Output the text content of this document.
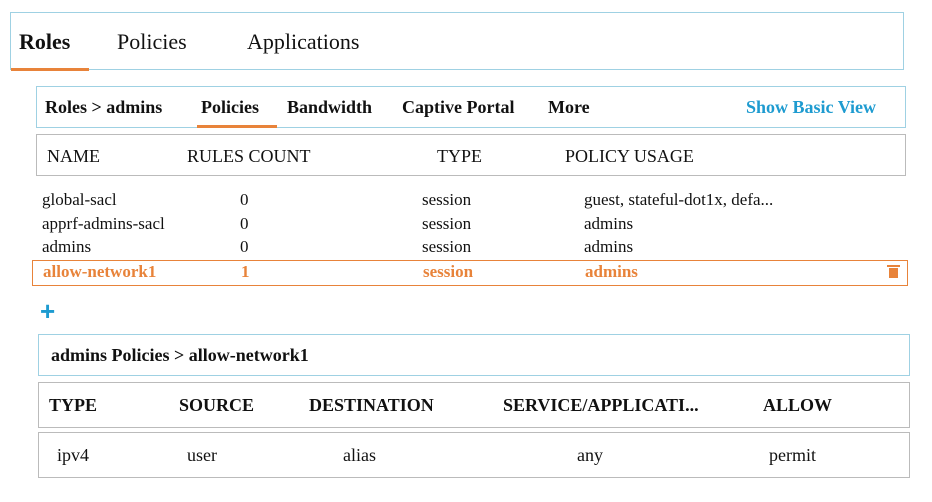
Roles Policies	Applications
Roles > admins Policies Bandwidth Captive Portal More	Show Basic View
NAME	RULES COUNT	TYPE	POLICY USAGE
global-sacl	0	session	guest, stateful-dot1x, defa...
apprf-admins-sacl	0	session	admins
admins	0	session	admins
allow-network1	1	session	admins
+
admins Policies > allow-network1
TYPE	SOURCE	DESTINATION	SERVICE/APPLICATI...	ALLOW
ipv4	user	alias	any	permit
